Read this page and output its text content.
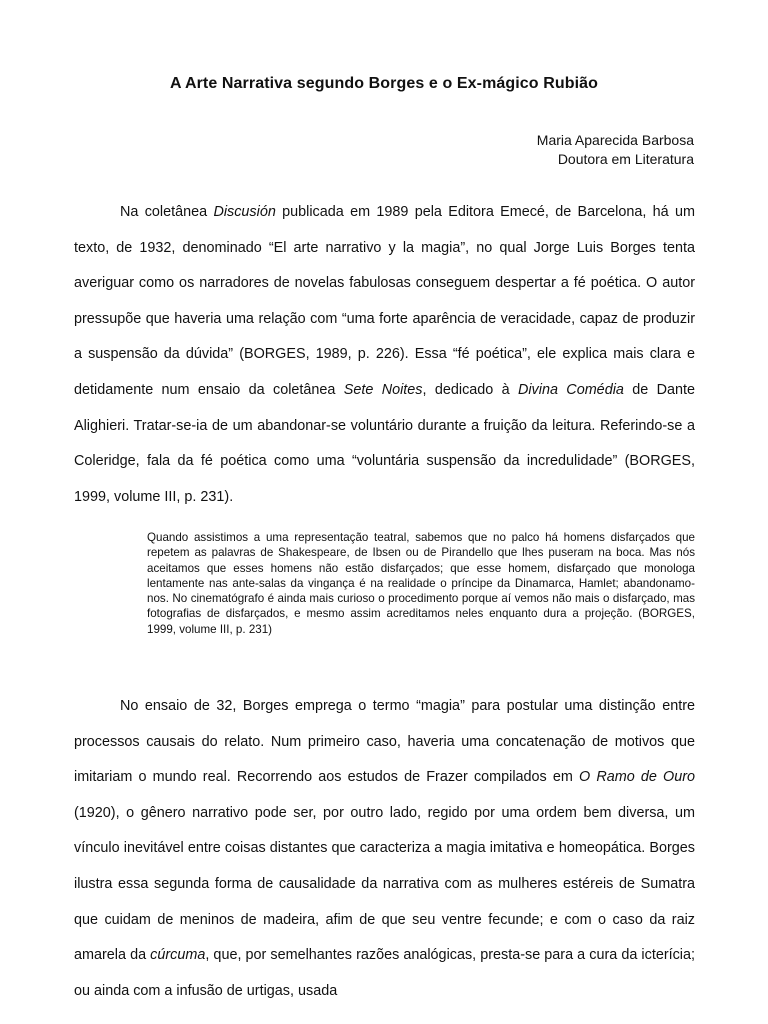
A Arte Narrativa segundo Borges e o Ex-mágico Rubião
Maria Aparecida Barbosa
Doutora em Literatura

Na coletânea Discusión publicada em 1989 pela Editora Emecé, de Barcelona, há um texto, de 1932, denominado “El arte narrativo y la magia”, no qual Jorge Luis Borges tenta averiguar como os narradores de novelas fabulosas conseguem despertar a fé poética. O autor pressupõe que haveria uma relação com “uma forte aparência de veracidade, capaz de produzir a suspensão da dúvida” (BORGES, 1989, p. 226). Essa “fé poética”, ele explica mais clara e detidamente num ensaio da coletânea Sete Noites, dedicado à Divina Comédia de Dante Alighieri. Tratar-se-ia de um abandonar-se voluntário durante a fruição da leitura. Referindo-se a Coleridge, fala da fé poética como uma “voluntária suspensão da incredulidade” (BORGES, 1999, volume III, p. 231).

Quando assistimos a uma representação teatral, sabemos que no palco há homens disfarçados que repetem as palavras de Shakespeare, de Ibsen ou de Pirandello que lhes puseram na boca. Mas nós aceitamos que esses homens não estão disfarçados; que esse homem, disfarçado que monologa lentamente nas ante-salas da vingança é na realidade o príncipe da Dinamarca, Hamlet; abandonamo-nos. No cinematógrafo é ainda mais curioso o procedimento porque aí vemos não mais o disfarçado, mas fotografias de disfarçados, e mesmo assim acreditamos neles enquanto dura a projeção. (BORGES, 1999, volume III, p. 231)

No ensaio de 32, Borges emprega o termo “magia” para postular uma distinção entre processos causais do relato. Num primeiro caso, haveria uma concatenação de motivos que imitariam o mundo real. Recorrendo aos estudos de Frazer compilados em O Ramo de Ouro (1920), o gênero narrativo pode ser, por outro lado, regido por uma ordem bem diversa, um vínculo inevitável entre coisas distantes que caracteriza a magia imitativa e homeopática. Borges ilustra essa segunda forma de causalidade da narrativa com as mulheres estéreis de Sumatra que cuidam de meninos de madeira, afim de que seu ventre fecunde; e com o caso da raiz amarela da cúrcuma, que, por semelhantes razões analógicas, presta-se para a cura da icterícia; ou ainda com a infusão de urtigas, usada
